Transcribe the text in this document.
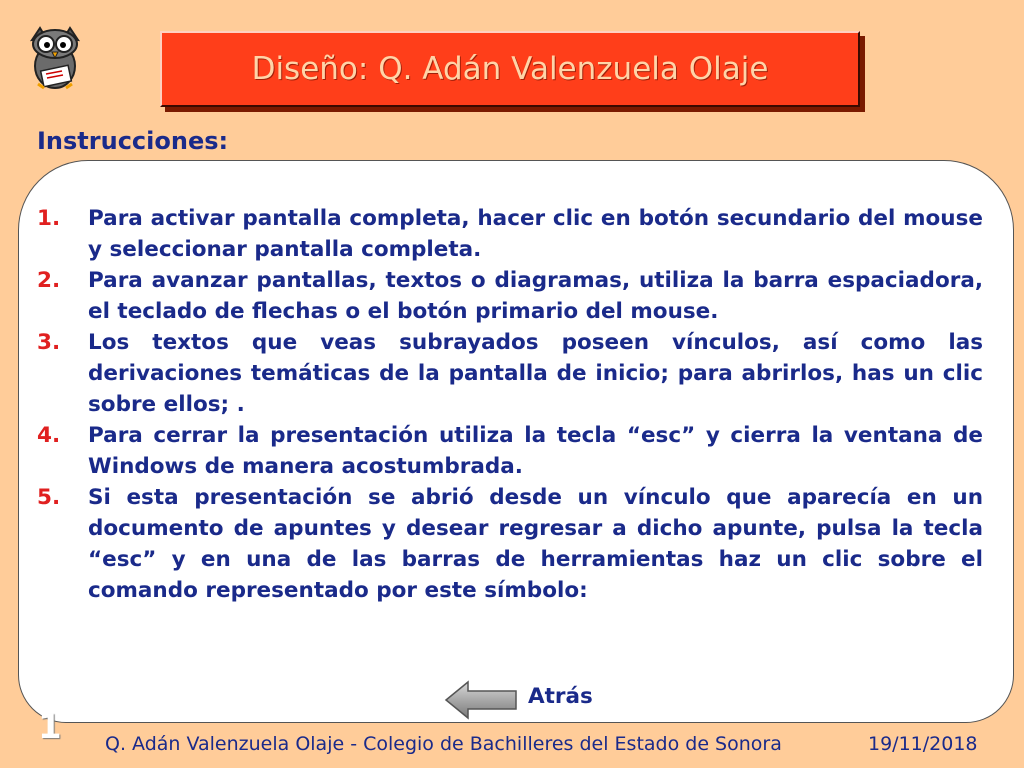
Diseño: Q. Adán Valenzuela Olaje
Instrucciones:
1.	Para activar pantalla completa, hacer clic en botón secundario del mouse y seleccionar pantalla completa.
2.	Para avanzar pantallas, textos o diagramas, utiliza la barra espaciadora, el teclado de flechas o el botón primario del mouse.
3.	Los textos que veas subrayados poseen vínculos, así como las derivaciones temáticas de la pantalla de inicio; para abrirlos, has un clic sobre ellos; .
4.	Para cerrar la presentación utiliza la tecla “esc” y cierra la ventana de Windows de manera acostumbrada.
5.	Si esta presentación se abrió desde un vínculo que aparecía en un documento de apuntes y desear regresar a dicho apunte, pulsa la tecla “esc” y en una de las barras de herramientas haz un clic sobre el comando representado por este símbolo:
Atrás
1 Q. Adán Valenzuela Olaje - Colegio de Bachilleres del Estado de Sonora	19/11/2018
